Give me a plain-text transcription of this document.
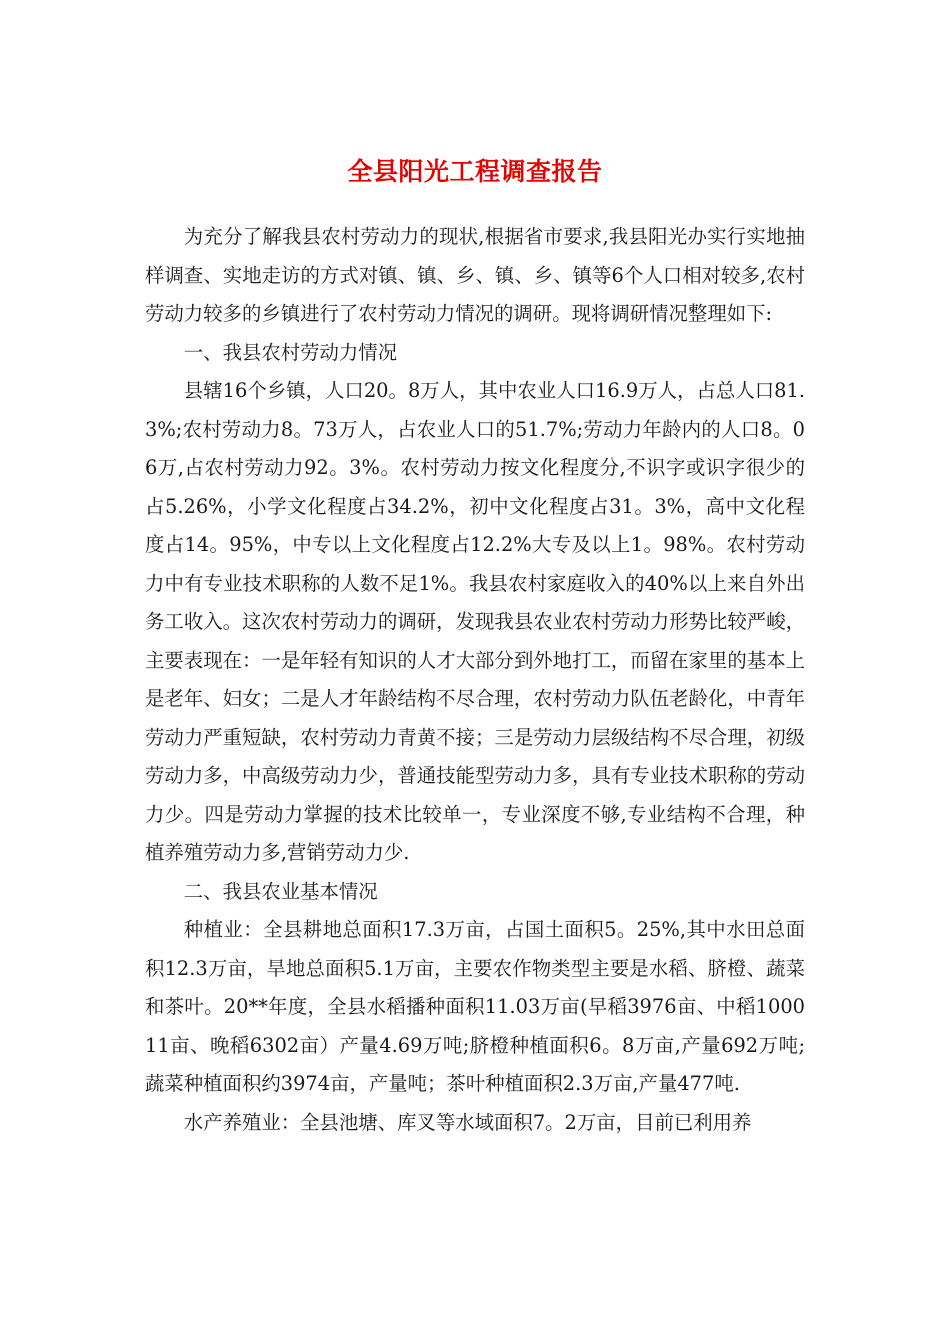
全县阳光工程调查报告

为充分了解我县农村劳动力的现状,根据省市要求,我县阳光办实行实地抽样调查、实地走访的方式对镇、镇、乡、镇、乡、镇等6个人口相对较多,农村劳动力较多的乡镇进行了农村劳动力情况的调研。现将调研情况整理如下:

一、我县农村劳动力情况

县辖16个乡镇，人口20。8万人，其中农业人口16.9万人，占总人口81.3%;农村劳动力8。73万人，占农业人口的51.7%;劳动力年龄内的人口8。06万,占农村劳动力92。3%。农村劳动力按文化程度分,不识字或识字很少的占5.26%，小学文化程度占34.2%，初中文化程度占31。3%，高中文化程度占14。95%，中专以上文化程度占12.2%大专及以上1。98%。农村劳动力中有专业技术职称的人数不足1%。我县农村家庭收入的40%以上来自外出务工收入。这次农村劳动力的调研，发现我县农业农村劳动力形势比较严峻，主要表现在：一是年轻有知识的人才大部分到外地打工，而留在家里的基本上是老年、妇女；二是人才年龄结构不尽合理，农村劳动力队伍老龄化，中青年劳动力严重短缺，农村劳动力青黄不接；三是劳动力层级结构不尽合理，初级劳动力多，中高级劳动力少，普通技能型劳动力多，具有专业技术职称的劳动力少。四是劳动力掌握的技术比较单一，专业深度不够,专业结构不合理，种植养殖劳动力多,营销劳动力少.

二、我县农业基本情况

种植业：全县耕地总面积17.3万亩，占国土面积5。25%,其中水田总面积12.3万亩，旱地总面积5.1万亩，主要农作物类型主要是水稻、脐橙、蔬菜和茶叶。20**年度，全县水稻播种面积11.03万亩(早稻3976亩、中稻100011亩、晚稻6302亩）产量4.69万吨;脐橙种植面积6。8万亩,产量692万吨;蔬菜种植面积约3974亩，产量吨；茶叶种植面积2.3万亩,产量477吨.

水产养殖业：全县池塘、库叉等水域面积7。2万亩，目前已利用养
